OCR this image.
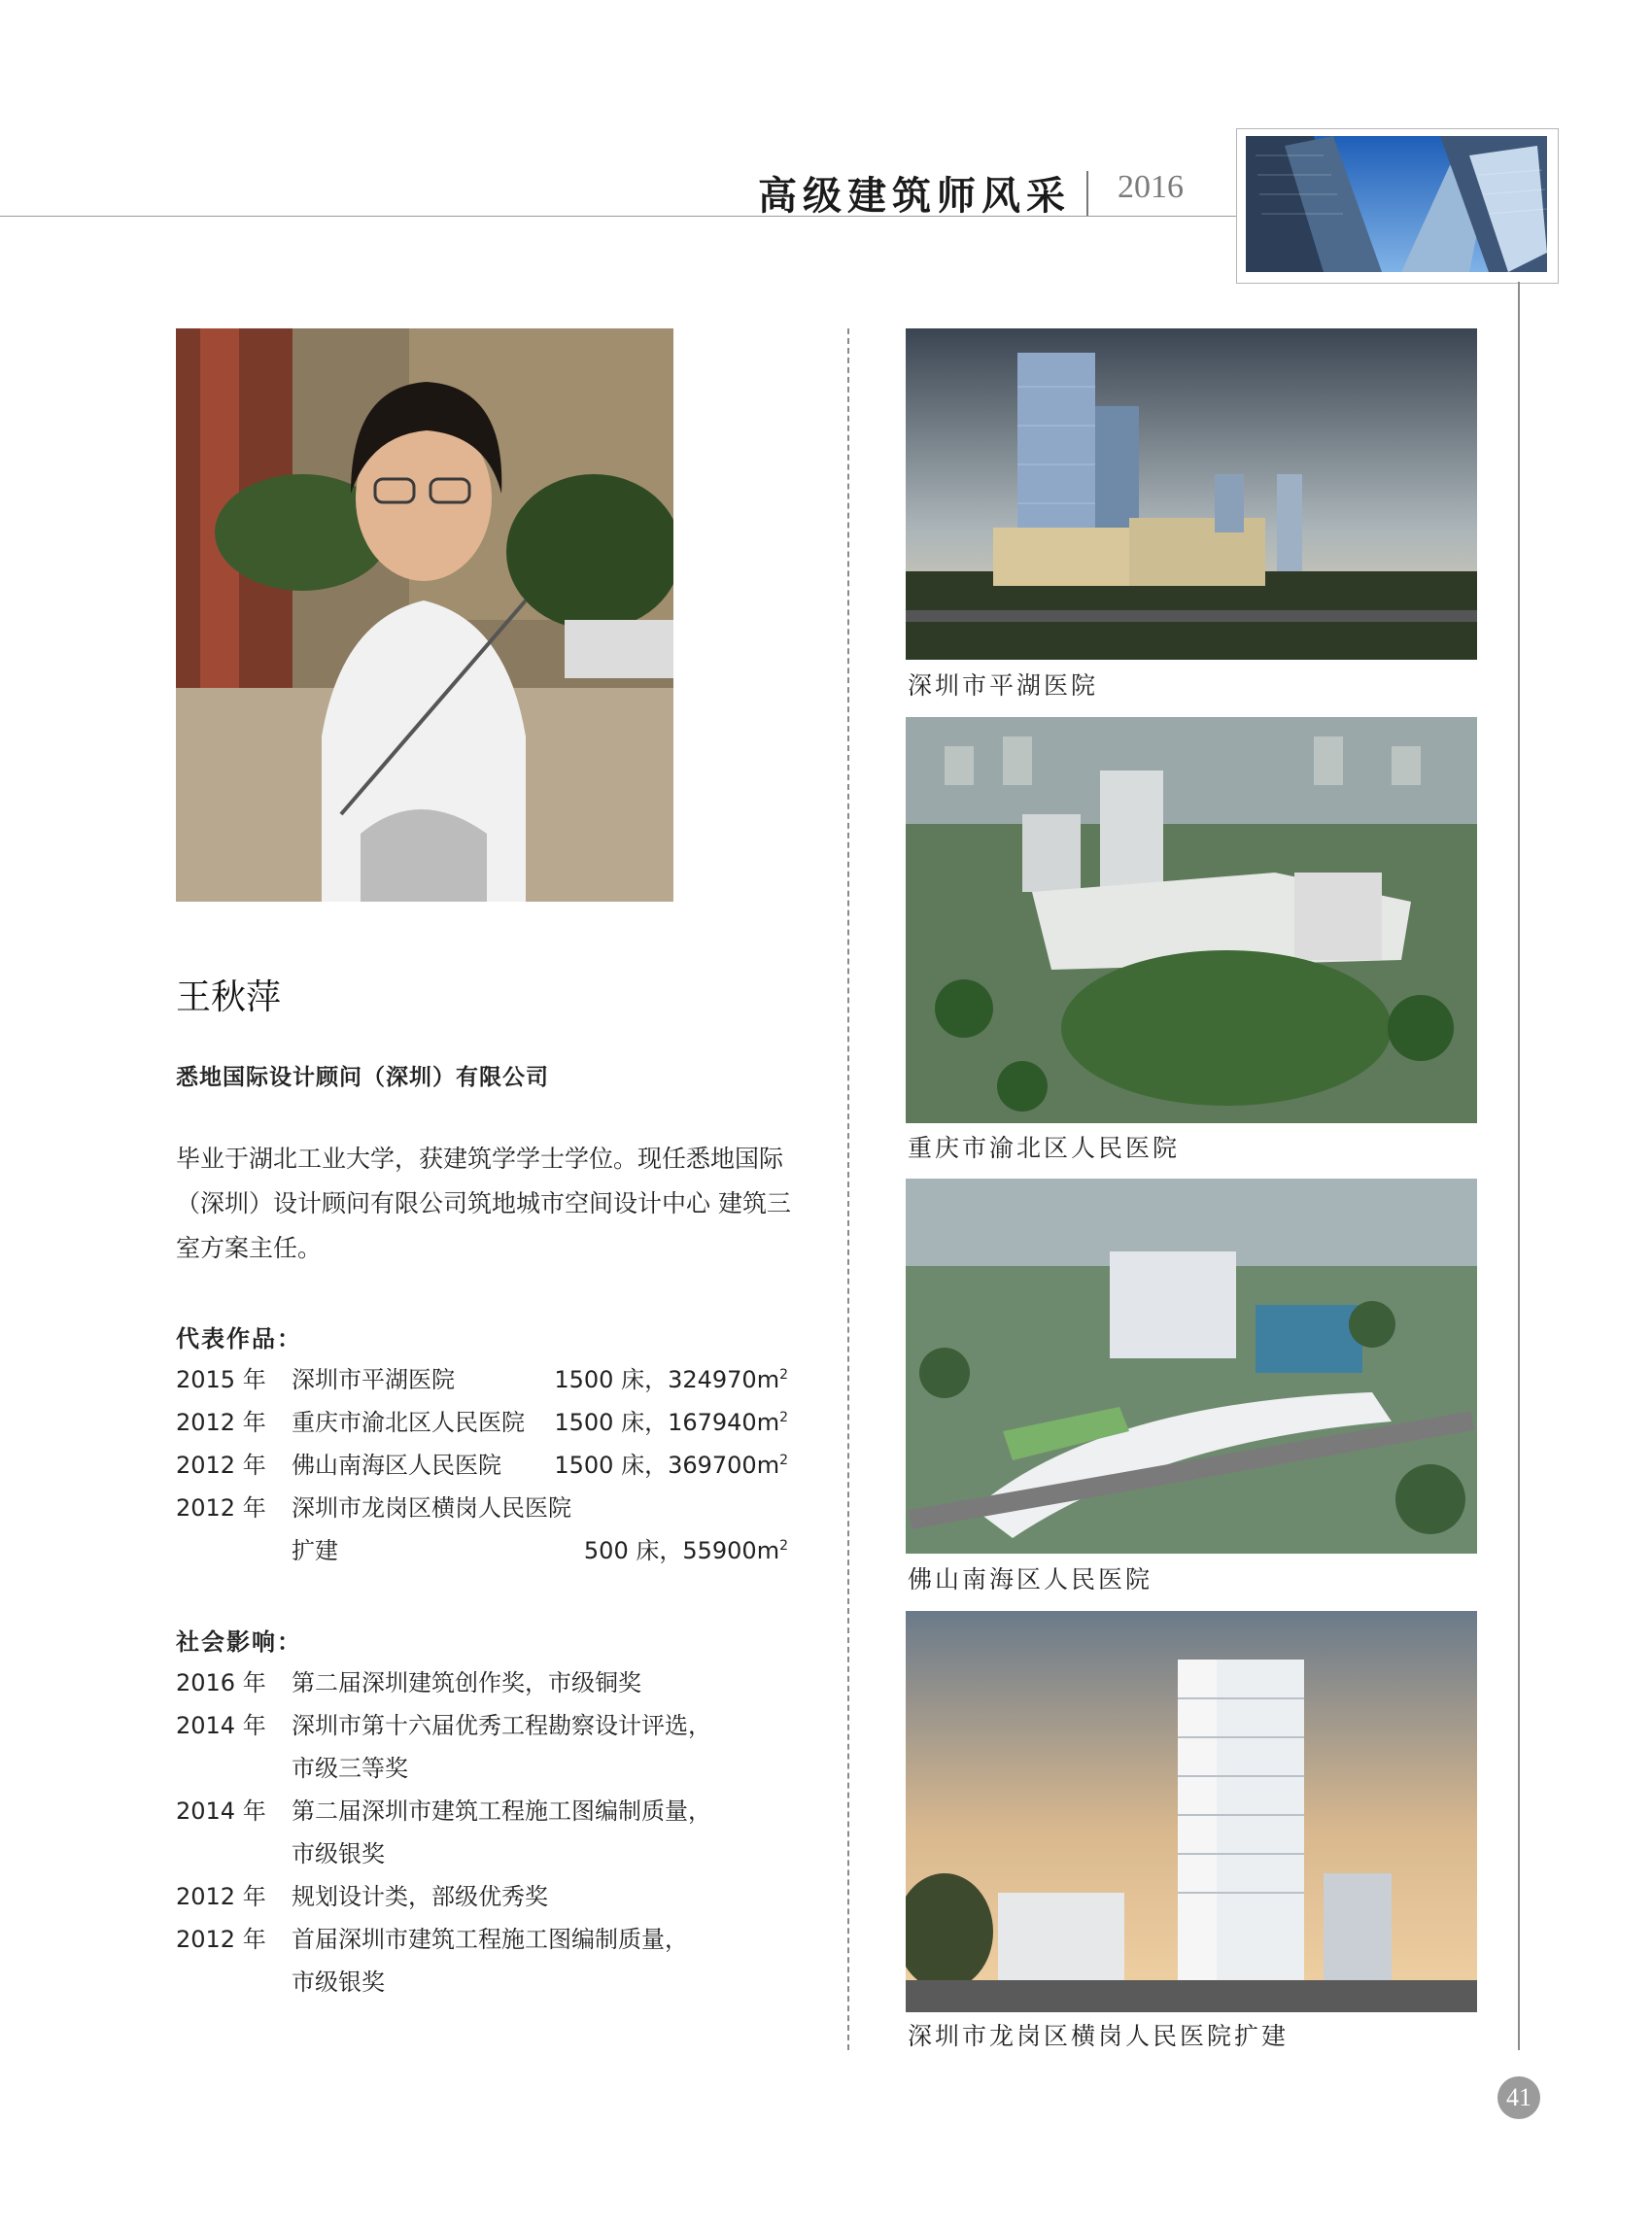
高级建筑师风采 2016
王秋萍
悉地国际设计顾问（深圳）有限公司
毕业于湖北工业大学，获建筑学学士学位。现任悉地国际（深圳）设计顾问有限公司筑地城市空间设计中心 建筑三室方案主任。
代表作品：
2015 年 深圳市平湖医院	1500 床，$324970m^2$
2012 年 重庆市渝北区人民医院 1500 床，$167940m^2$
2012 年 佛山南海区人民医院 1500 床，$369700m^2$
2012 年 深圳市龙岗区横岗人民医院
扩建	500 床，$55900m^2$
社会影响：
2016 年 第二届深圳建筑创作奖，市级铜奖
2014 年 深圳市第十六届优秀工程勘察设计评选，
市级三等奖
2014 年 第二届深圳市建筑工程施工图编制质量，
市级银奖
2012 年 规划设计类，部级优秀奖
2012 年 首届深圳市建筑工程施工图编制质量，
市级银奖
深圳市平湖医院
重庆市渝北区人民医院
佛山南海区人民医院
深圳市龙岗区横岗人民医院扩建
41
